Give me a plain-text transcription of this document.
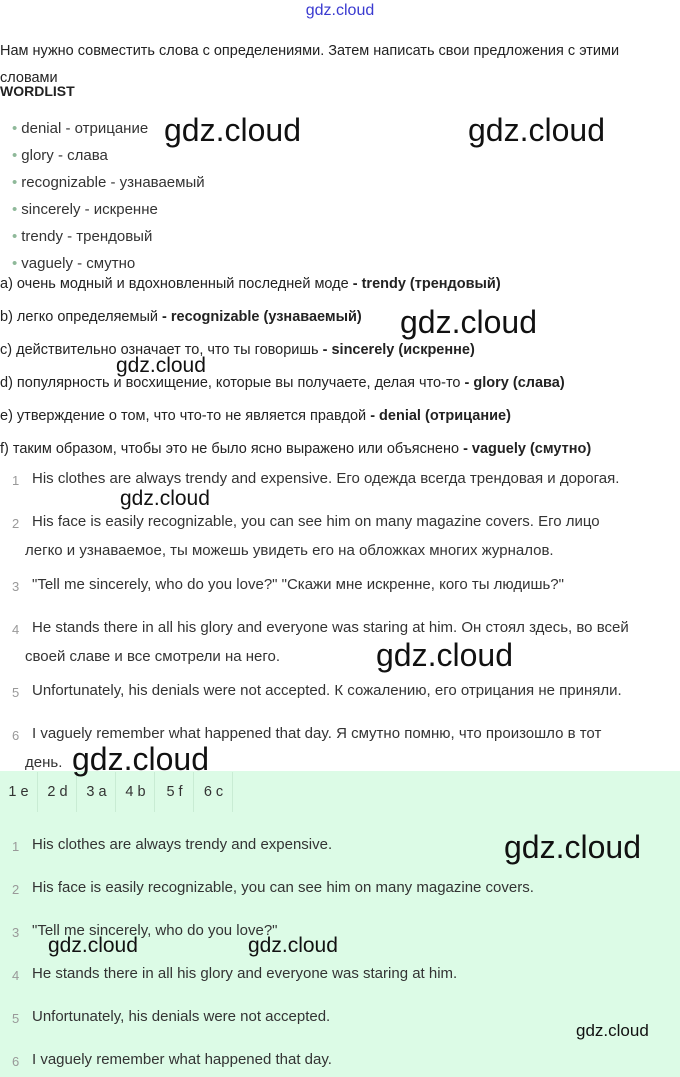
gdz.cloud
Нам нужно совместить слова с определениями. Затем написать свои предложения с этими словами
WORDLIST
• denial - отрицание
• glory - слава
• recognizable - узнаваемый
• sincerely - искренне
• trendy - трендовый
• vaguely - смутно
a) очень модный и вдохновленный последней моде - trendy (трендовый)
b) легко определяемый - recognizable (узнаваемый)
c) действительно означает то, что ты говоришь - sincerely (искренне)
d) популярность и восхищение, которые вы получаете, делая что-то - glory (слава)
e) утверждение о том, что что-то не является правдой - denial (отрицание)
f) таким образом, чтобы это не было ясно выражено или объяснено - vaguely (смутно)
1 His clothes are always trendy and expensive. Его одежда всегда трендовая и дорогая.
2 His face is easily recognizable, you can see him on many magazine covers. Его лицо
легко и узнаваемое, ты можешь увидеть его на обложках многих журналов.
3 "Tell me sincerely, who do you love?" "Скажи мне искренне, кого ты людишь?"
4 He stands there in all his glory and everyone was staring at him. Он стоял здесь, во всей
своей славе и все смотрели на него.
5 Unfortunately, his denials were not accepted. К сожалению, его отрицания не приняли.
6 I vaguely remember what happened that day. Я смутно помню, что произошло в тот
день.
1 e	2 d	3 a	4 b	5 f	6 c
1 His clothes are always trendy and expensive.
2 His face is easily recognizable, you can see him on many magazine covers.
3 "Tell me sincerely, who do you love?"
4 He stands there in all his glory and everyone was staring at him.
5 Unfortunately, his denials were not accepted.
6 I vaguely remember what happened that day.
gdz.cloud	gdz.cloud
gdz.cloud
gdz.cloud
gdz.cloud
gdz.cloud
gdz.cloud
gdz.cloud
gdz.cloud	gdz.cloud
gdz.cloud
